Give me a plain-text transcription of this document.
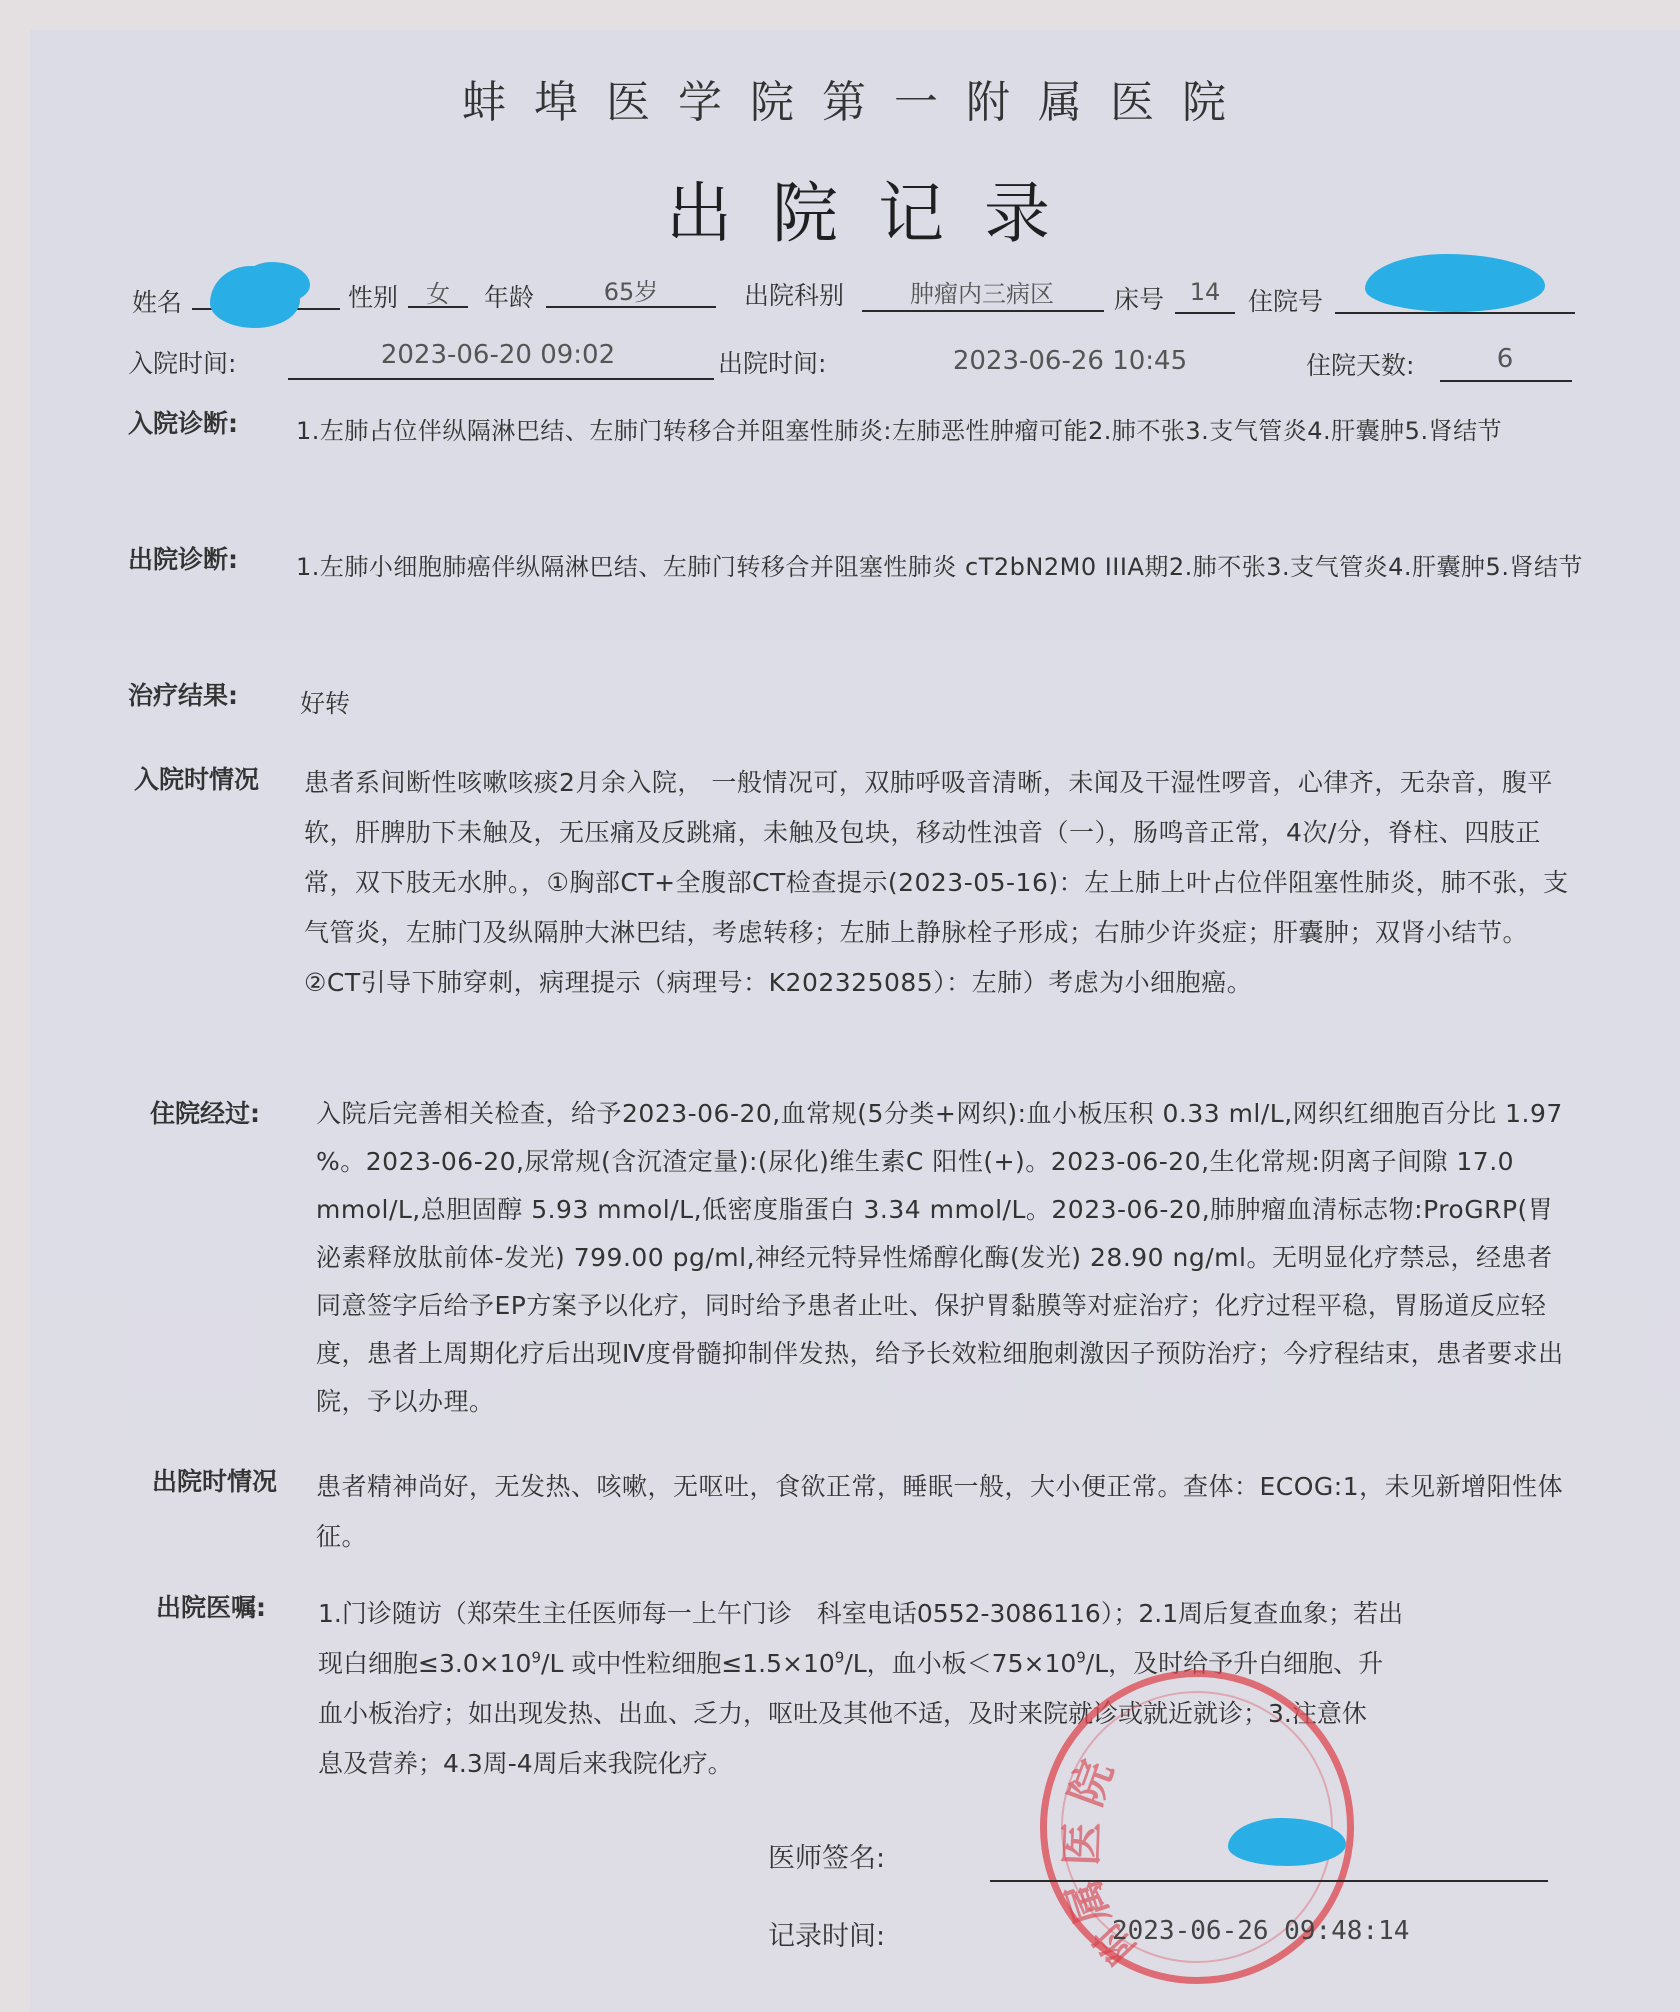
蚌埠医学院第一附属医院
出院记录
姓名	性别	女	年龄	65岁	出院科别	肿瘤内三病区	床号	14	住院号
入院时间:	2023-06-20 09:02	出院时间:	2023-06-26 10:45	住院天数:	6
入院诊断: 1.左肺占位伴纵隔淋巴结、左肺门转移合并阻塞性肺炎:左肺恶性肿瘤可能2.肺不张3.支气管炎4.肝囊肿5.肾结节
出院诊断: 1.左肺小细胞肺癌伴纵隔淋巴结、左肺门转移合并阻塞性肺炎 cT2bN2M0 IIIA期2.肺不张3.支气管炎4.肝囊肿5.肾结节
治疗结果: 好转
入院时情况 患者系间断性咳嗽咳痰2月余入院， 一般情况可，双肺呼吸音清晰，未闻及干湿性啰音，心律齐，无杂音，腹平软，肝脾肋下未触及，无压痛及反跳痛，未触及包块，移动性浊音（一），肠鸣音正常，4次/分，脊柱、四肢正常，双下肢无水肿。，①胸部CT+全腹部CT检查提示(2023-05-16)：左上肺上叶占位伴阻塞性肺炎，肺不张，支气管炎，左肺门及纵隔肿大淋巴结，考虑转移；左肺上静脉栓子形成；右肺少许炎症；肝囊肿；双肾小结节。②CT引导下肺穿刺，病理提示（病理号：K202325085）：左肺）考虑为小细胞癌。
住院经过: 入院后完善相关检查，给予2023-06-20,血常规(5分类+网织):血小板压积 0.33 ml/L,网织红细胞百分比 1.97 %。2023-06-20,尿常规(含沉渣定量):(尿化)维生素C 阳性(+)。2023-06-20,生化常规:阴离子间隙 17.0 mmol/L,总胆固醇 5.93 mmol/L,低密度脂蛋白 3.34 mmol/L。2023-06-20,肺肿瘤血清标志物:ProGRP(胃泌素释放肽前体-发光) 799.00 pg/ml,神经元特异性烯醇化酶(发光) 28.90 ng/ml。无明显化疗禁忌，经患者同意签字后给予EP方案予以化疗，同时给予患者止吐、保护胃黏膜等对症治疗；化疗过程平稳，胃肠道反应轻度，患者上周期化疗后出现Ⅳ度骨髓抑制伴发热，给予长效粒细胞刺激因子预防治疗；今疗程结束，患者要求出院，予以办理。
出院时情况 患者精神尚好，无发热、咳嗽，无呕吐，食欲正常，睡眠一般，大小便正常。查体：ECOG:1，未见新增阳性体征。
出院医嘱: 1.门诊随访（郑荣生主任医师每一上午门诊　科室电话0552-3086116）；2.1周后复查血象；若出
现白细胞$\le 3.0\times 10^9/L$ 或中性粒细胞$\le 1.5\times 10^9/L$，血小板$<75\times 10^9/L$，及时给予升白细胞、升
血小板治疗；如出现发热、出血、乏力，呕吐及其他不适，及时来院就诊或就近就诊；3.注意休
息及营养；4.3周-4周后来我院化疗。	院
医
属
附
医师签名:
记录时间:	2023-06-26 09:48:14
